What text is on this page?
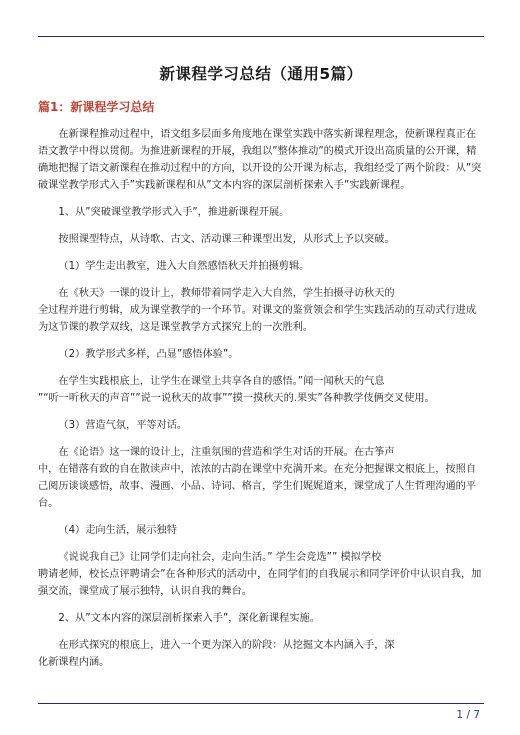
新课程学习总结（通用5篇）
篇1：新课程学习总结

在新课程推动过程中，语文组多层面多角度地在课堂实践中落实新课程理念，使新课程真正在语文教学中得以贯彻。为推进新课程的开展，我组以”整体推动”的模式开设出高质量的公开课，精确地把握了语文新课程在推动过程中的方向，以开设的公开课为标志，我组经受了两个阶段：从”突破课堂教学形式入手”实践新课程和从”文本内容的深层剖析探索入手”实践新课程。

1、从”突破课堂教学形式入手”，推进新课程开展。

按照课型特点，从诗歌、古文、活动课三种课型出发，从形式上予以突破。

（1）学生走出教室，进入大自然感悟秋天并拍摄剪辑。

在《秋天》一课的设计上，教师带着同学走入大自然，学生拍摄寻访秋天的
全过程并进行剪辑，成为课堂教学的一个环节。对课文的鉴赏领会和学生实践活动的互动式行进成为这节课的教学双线，这是课堂教学方式探究上的一次胜利。

（2）教学形式多样，凸显”感悟体验”。

在学生实践根底上，让学生在课堂上共享各自的感悟。”闻一闻秋天的气息
”“听一听秋天的声音””说一说秋天的故事””摸一摸秋天的.果实”各种教学伎俩交叉使用。

（3）营造气氛，平等对话。

在《论语》这一课的设计上，注重氛围的营造和学生对话的开展。在古筝声
中，在错落有致的自在散读声中，浓浓的古韵在课堂中充满开来。在充分把握课文根底上，按照自己阅历谈谈感悟，故事、漫画、小品、诗词、格言，学生们娓娓道来，课堂成了人生哲理沟通的平台。

（4）走向生活，展示独特

《说说我自己》让同学们走向社会，走向生活。” 学生会竞选”” 模拟学校
聘请老师，校长点评聘请会”在各种形式的活动中，在同学们的自我展示和同学评价中认识自我，加强交流，课堂成了展示独特，认识自我的舞台。

2、从”文本内容的深层剖析探索入手”，深化新课程实施。

在形式探究的根底上，进入一个更为深入的阶段：从挖掘文本内涵入手，深
化新课程内涵。

1 / 7
